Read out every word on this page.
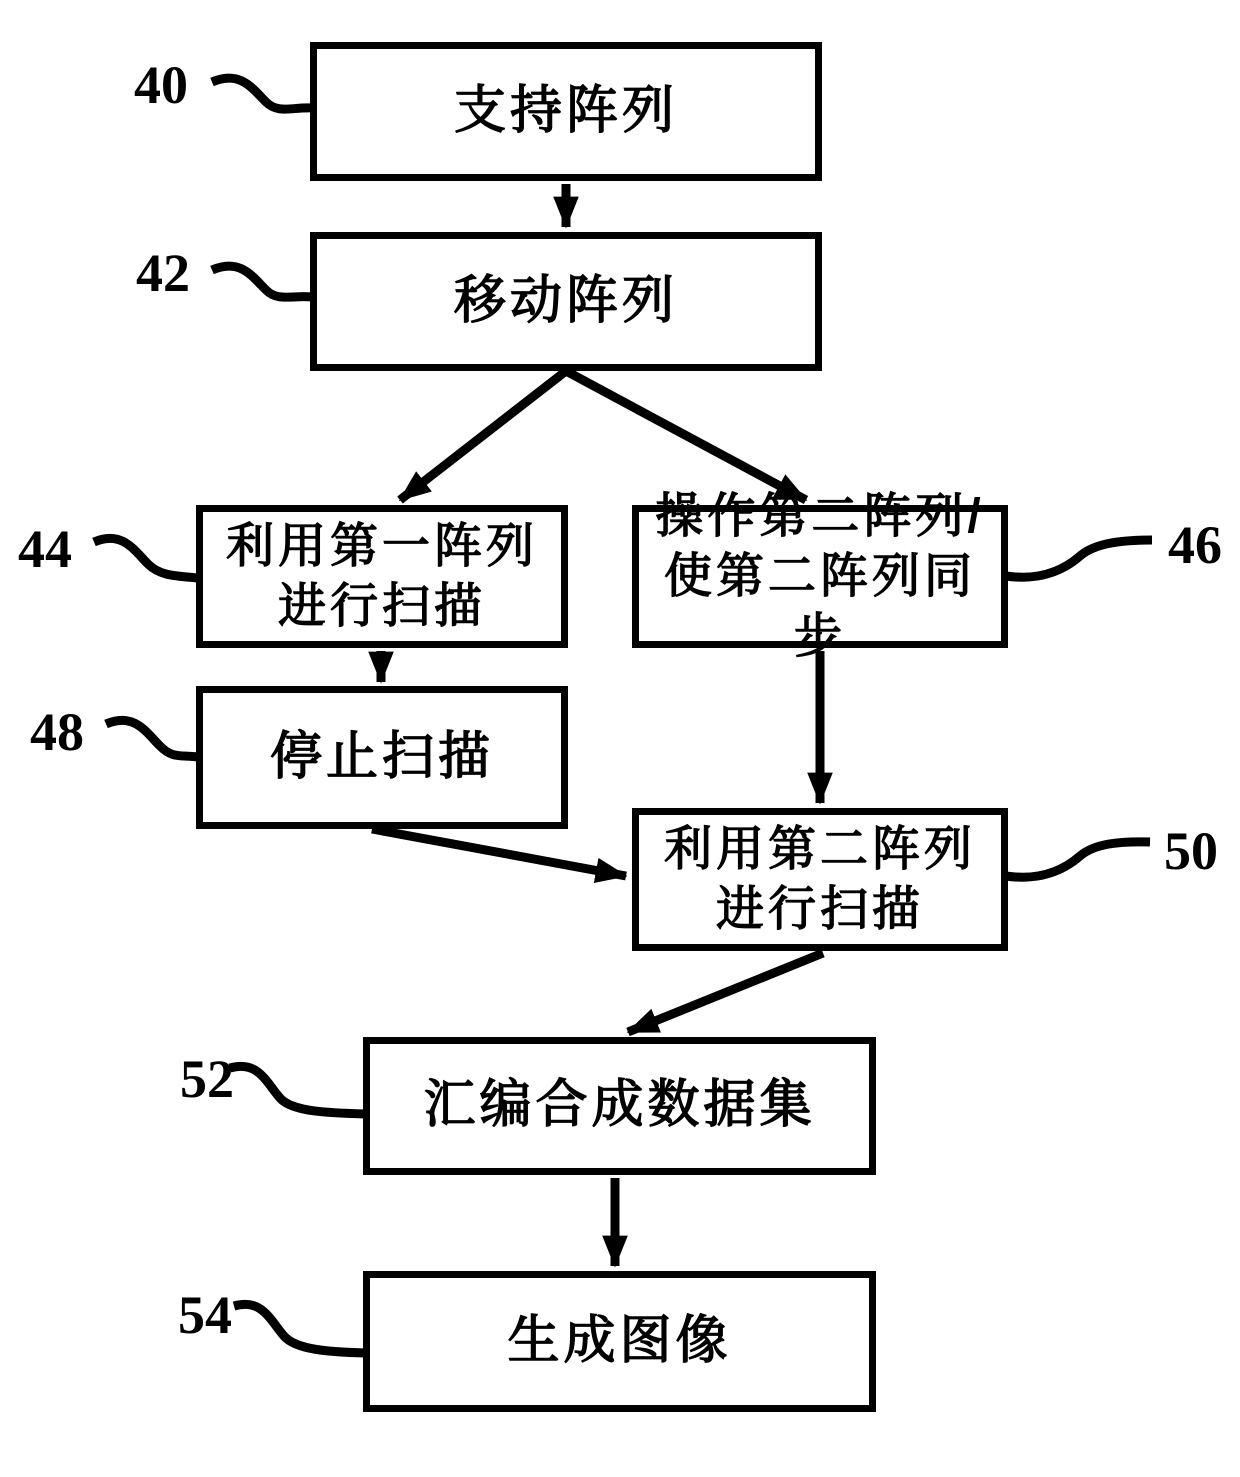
支持阵列
移动阵列
利用第一阵列
进行扫描
操作第二阵列/
使第二阵列同步
停止扫描
利用第二阵列
进行扫描
汇编合成数据集
生成图像
40
42
44	46
48
50
52
54
